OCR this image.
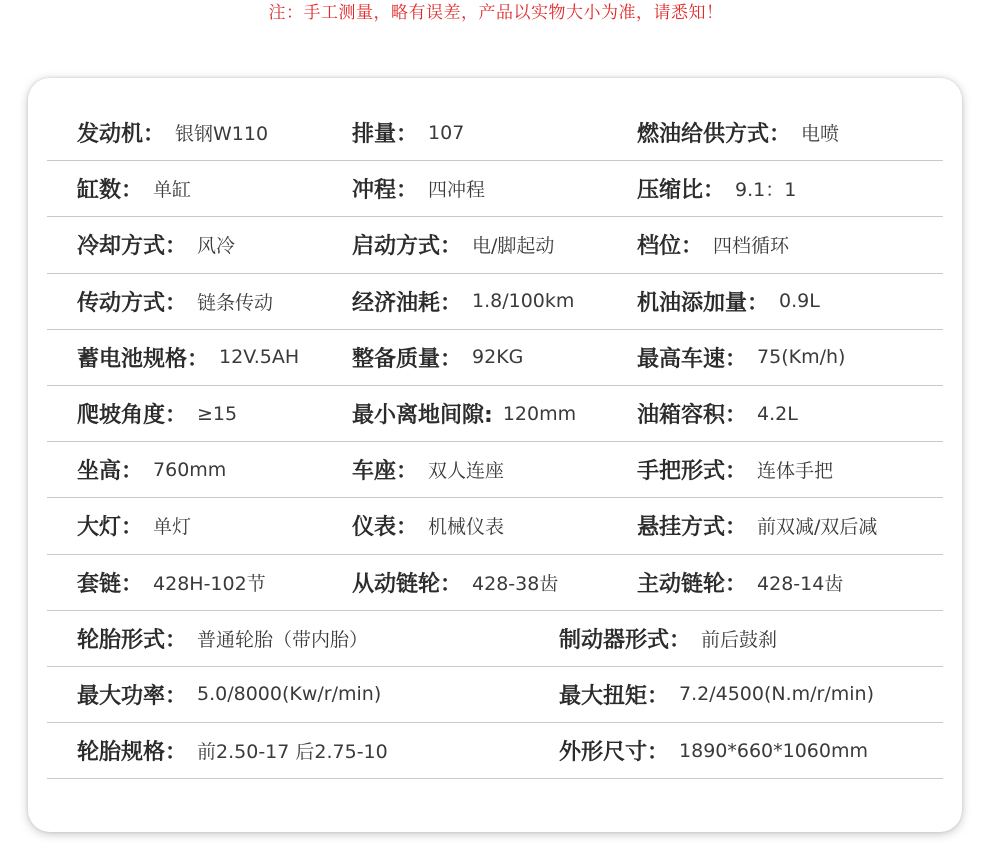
注：手工测量，略有误差，产品以实物大小为准，请悉知！
发动机： 银钢W110	排量： 107	燃油给供方式： 电喷
缸数： 单缸	冲程： 四冲程	压缩比： 9.1：1
冷却方式： 风冷	启动方式： 电/脚起动	档位： 四档循环
传动方式： 链条传动	经济油耗： 1.8/100km	机油添加量： 0.9L
蓄电池规格： 12V.5AH 整备质量： 92KG	最高车速： 75(Km/h)
爬坡角度： ≥15	最小离地间隙: 120mm	油箱容积： 4.2L
坐高： 760mm	车座： 双人连座	手把形式： 连体手把
大灯： 单灯	仪表： 机械仪表	悬挂方式： 前双减/双后减
套链： 428H-102节	从动链轮： 428-38齿	主动链轮： 428-14齿
轮胎形式： 普通轮胎（带内胎）	制动器形式： 前后鼓刹
最大功率： 5.0/8000(Kw/r/min)	最大扭矩： 7.2/4500(N.m/r/min)
轮胎规格： 前2.50-17 后2.75-10	外形尺寸： 1890*660*1060mm
